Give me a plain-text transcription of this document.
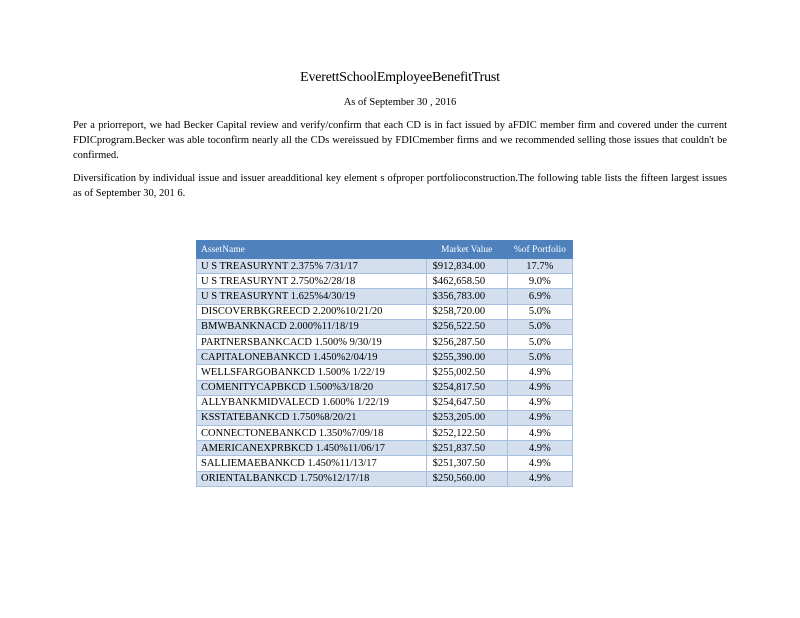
EverettSchoolEmployeeBenefitTrust
As of September 30 , 2016
Per a priorreport, we had Becker Capital review and verify/confirm that each CD is in fact issued by aFDIC member firm and covered under the current FDICprogram.Becker was able toconfirm nearly all the CDs wereissued by FDICmember firms and we recommended selling those issues that couldn't be confirmed.
Diversification by individual issue and issuer areadditional key element s ofproper portfolioconstruction.The following table lists the fifteen largest issues as of September 30, 201 6.
AssetName	Market Value	%of Portfolio
U S TREASURYNT 2.375% 7/31/17	$912,834.00	17.7%
U S TREASURYNT 2.750%2/28/18	$462,658.50	9.0%
U S TREASURYNT 1.625%4/30/19	$356,783.00	6.9%
DISCOVERBKGREECD 2.200%10/21/20	$258,720.00	5.0%
BMWBANKNACD 2.000%11/18/19	$256,522.50	5.0%
PARTNERSBANKCACD 1.500% 9/30/19	$256,287.50	5.0%
CAPITALONEBANKCD 1.450%2/04/19	$255,390.00	5.0%
WELLSFARGOBANKCD 1.500% 1/22/19	$255,002.50	4.9%
COMENITYCAPBKCD 1.500%3/18/20	$254,817.50	4.9%
ALLYBANKMIDVALECD 1.600% 1/22/19	$254,647.50	4.9%
KSSTATEBANKCD 1.750%8/20/21	$253,205.00	4.9%
CONNECTONEBANKCD 1.350%7/09/18	$252,122.50	4.9%
AMERICANEXPRBKCD 1.450%11/06/17	$251,837.50	4.9%
SALLIEMAEBANKCD 1.450%11/13/17	$251,307.50	4.9%
ORIENTALBANKCD 1.750%12/17/18	$250,560.00	4.9%
